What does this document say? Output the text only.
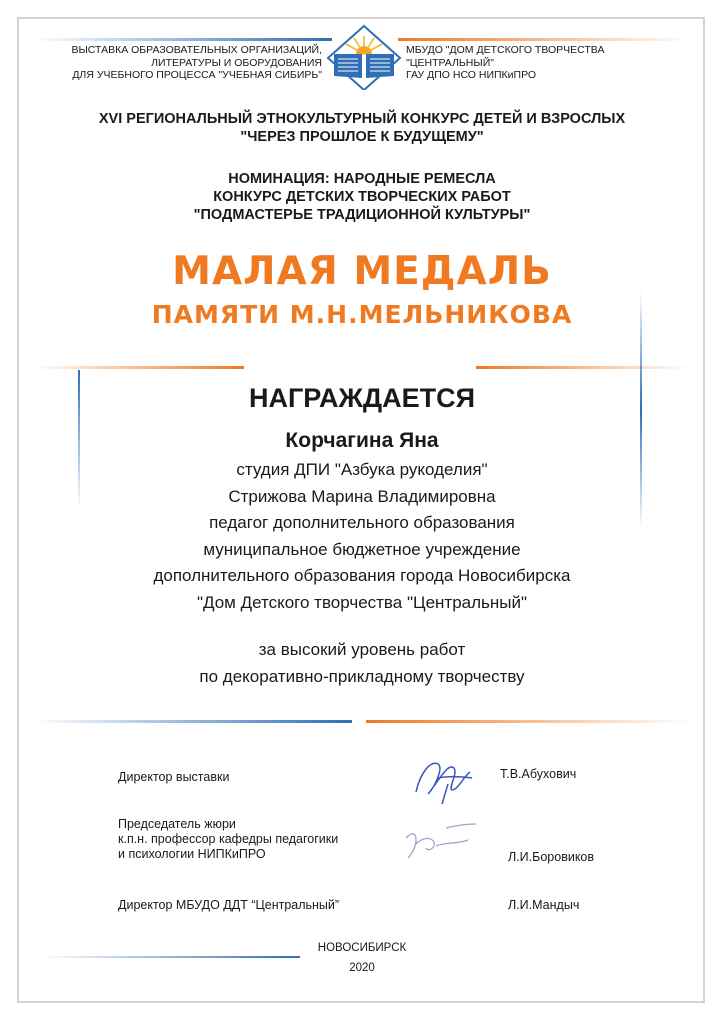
ВЫСТАВКА ОБРАЗОВАТЕЛЬНЫХ ОРГАНИЗАЦИЙ,
ЛИТЕРАТУРЫ И ОБОРУДОВАНИЯ
ДЛЯ УЧЕБНОГО ПРОЦЕССА "УЧЕБНАЯ СИБИРЬ"
МБУДО "ДОМ ДЕТСКОГО ТВОРЧЕСТВА
"ЦЕНТРАЛЬНЫЙ"
ГАУ ДПО НСО НИПКиПРО
XVI РЕГИОНАЛЬНЫЙ ЭТНОКУЛЬТУРНЫЙ КОНКУРС ДЕТЕЙ И ВЗРОСЛЫХ
"ЧЕРЕЗ ПРОШЛОЕ К БУДУЩЕМУ"
НОМИНАЦИЯ: НАРОДНЫЕ РЕМЕСЛА
КОНКУРС ДЕТСКИХ ТВОРЧЕСКИХ РАБОТ
"ПОДМАСТЕРЬЕ ТРАДИЦИОННОЙ КУЛЬТУРЫ"
МАЛАЯ МЕДАЛЬ
ПАМЯТИ М.Н.МЕЛЬНИКОВА
НАГРАЖДАЕТСЯ
Корчагина Яна
студия ДПИ "Азбука рукоделия"
Стрижова Марина Владимировна
педагог дополнительного образования
муниципальное бюджетное учреждение
дополнительного образования города Новосибирска
"Дом Детского творчества "Центральный"
за высокий уровень работ
по декоративно-прикладному творчеству
Директор выставки	Т.В.Абухович
Председатель жюри
к.п.н. профессор кафедры педагогики
и психологии НИПКиПРО	Л.И.Боровиков
Директор МБУДО ДДТ “Центральный”	Л.И.Мандыч
НОВОСИБИРСК
2020
